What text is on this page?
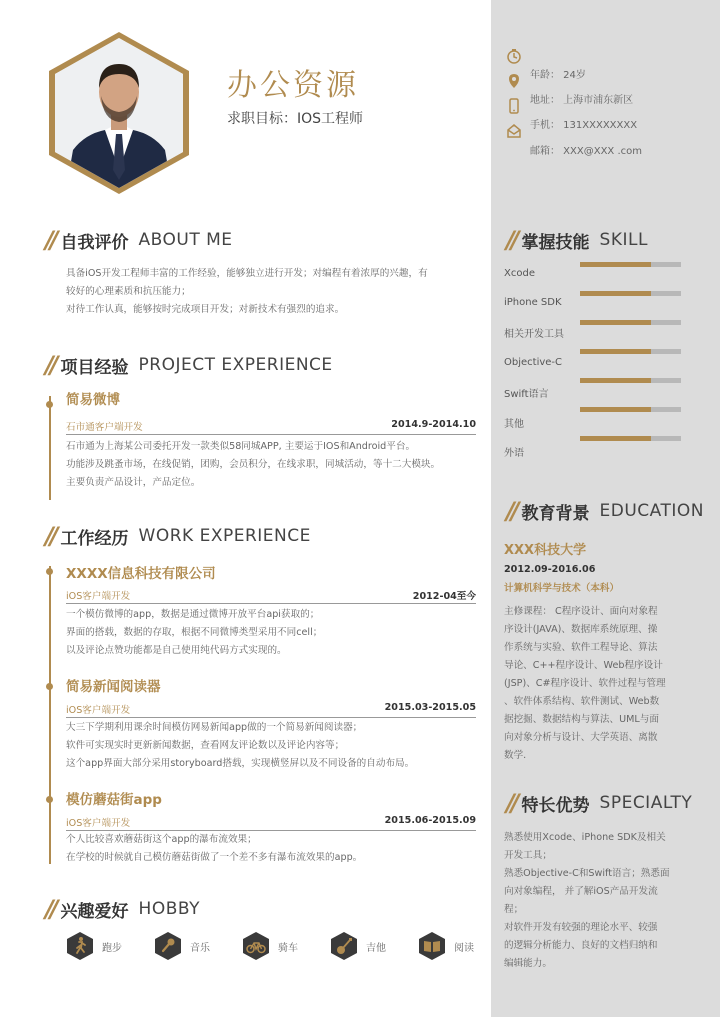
办公资源
求职目标：IOS工程师
年龄： 24岁
地址： 上海市浦东新区
手机： 131XXXXXXXX
邮箱： XXX@XXX .com
// 自我评价 ABOUT ME
具备iOS开发工程师丰富的工作经验，能够独立进行开发；对编程有着浓厚的兴趣，有
较好的心理素质和抗压能力；
对待工作认真，能够按时完成项目开发；对新技术有强烈的追求。
// 项目经验 PROJECT EXPERIENCE
简易微博
石市通客户端开发	2014.9-2014.10
石市通为上海某公司委托开发一款类似58同城APP, 主要运于IOS和Android平台。
功能涉及跳蚤市场，在线促销，团购，会员积分，在线求职，同城活动，等十二大模块。
主要负责产品设计，产品定位。
// 工作经历 WORK EXPERIENCE
XXXX信息科技有限公司
iOS客户端开发	2012-04至今
一个模仿微博的app，数据是通过微博开放平台api获取的；
界面的搭载，数据的存取，根据不同微博类型采用不同cell；
以及评论点赞功能都是自己使用纯代码方式实现的。
简易新闻阅读器
iOS客户端开发	2015.03-2015.05
大三下学期利用课余时间模仿网易新闻app做的一个简易新闻阅读器；
软件可实现实时更新新闻数据，查看网友评论数以及评论内容等；
这个app界面大部分采用storyboard搭载，实现横竖屏以及不同设备的自动布局。
模仿蘑菇街app
iOS客户端开发	2015.06-2015.09
个人比较喜欢蘑菇街这个app的瀑布流效果；
在学校的时候就自己模仿蘑菇街做了一个差不多有瀑布流效果的app。
// 兴趣爱好 HOBBY
跑步	音乐	骑车	吉他	阅读
// 掌握技能 SKILL
Xcode
iPhone SDK
相关开发工具
Objective-C
Swift语言
其他
外语
// 教育背景 EDUCATION
XXX科技大学
2012.09-2016.06
计算机科学与技术（本科）
主修课程： C程序设计、面向对象程
序设计(JAVA)、数据库系统原理、操
作系统与实验、软件工程导论、算法
导论、C++程序设计、Web程序设计
(JSP)、C#程序设计、软件过程与管理
、软件体系结构、软件测试、Web数
据挖掘、数据结构与算法、UML与面
向对象分析与设计、大学英语、离散
数学.
// 特长优势 SPECIALTY
熟悉使用Xcode、iPhone SDK及相关
开发工具；
熟悉Objective-C和Swift语言；熟悉面
向对象编程， 并了解iOS产品开发流
程；
对软件开发有较强的理论水平、较强
的逻辑分析能力、良好的文档归纳和
编辑能力。
